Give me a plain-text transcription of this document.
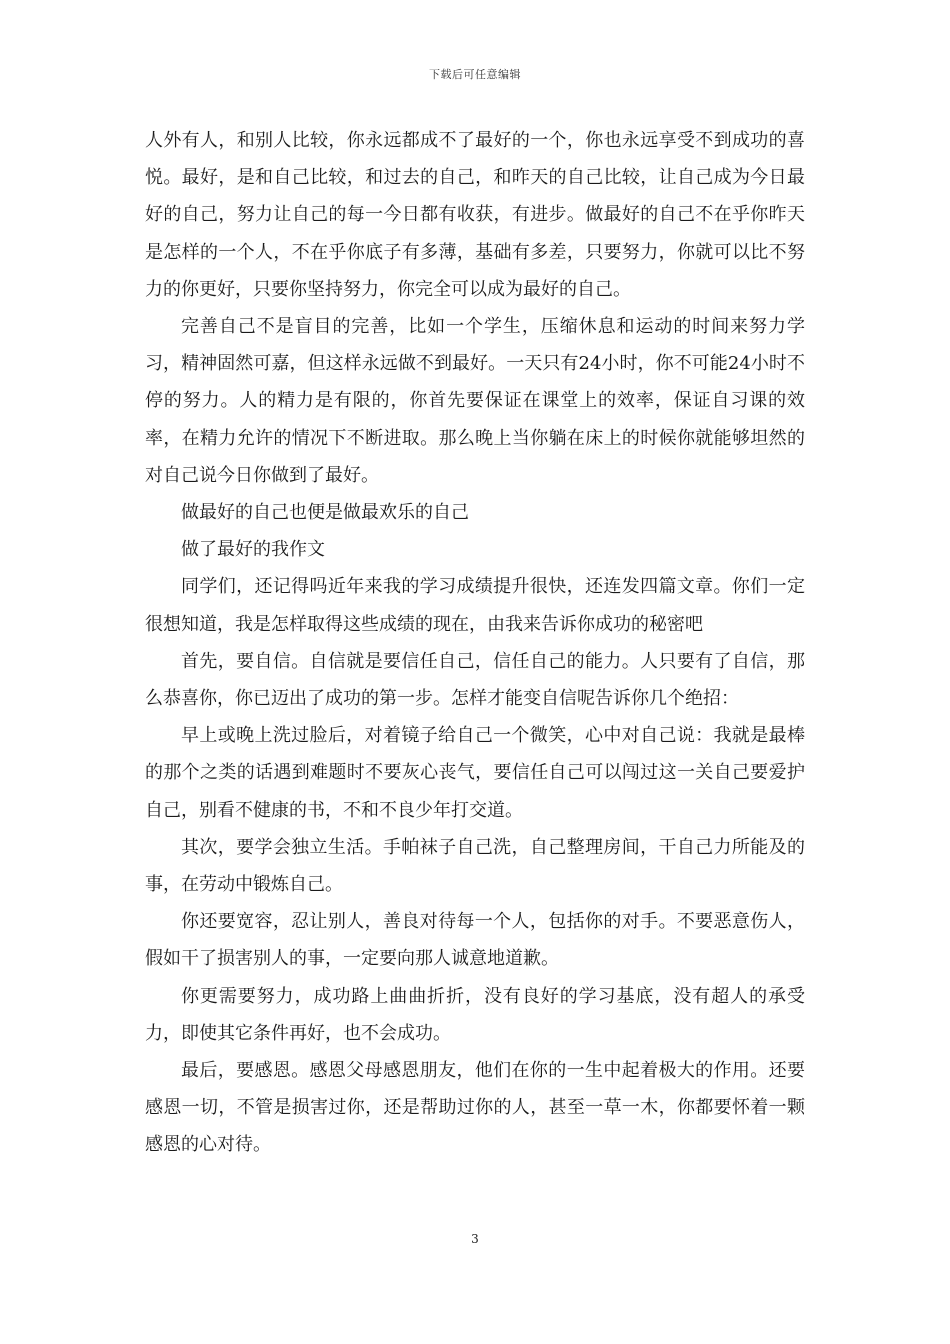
下载后可任意编辑

人外有人，和别人比较，你永远都成不了最好的一个，你也永远享受不到成功的喜悦。最好，是和自己比较，和过去的自己，和昨天的自己比较，让自己成为今日最好的自己，努力让自己的每一今日都有收获，有进步。做最好的自己不在乎你昨天是怎样的一个人，不在乎你底子有多薄，基础有多差，只要努力，你就可以比不努力的你更好，只要你坚持努力，你完全可以成为最好的自己。

完善自己不是盲目的完善，比如一个学生，压缩休息和运动的时间来努力学习，精神固然可嘉，但这样永远做不到最好。一天只有24小时，你不可能24小时不停的努力。人的精力是有限的，你首先要保证在课堂上的效率，保证自习课的效率，在精力允许的情况下不断进取。那么晚上当你躺在床上的时候你就能够坦然的对自己说今日你做到了最好。

做最好的自己也便是做最欢乐的自己

做了最好的我作文

同学们，还记得吗近年来我的学习成绩提升很快，还连发四篇文章。你们一定很想知道，我是怎样取得这些成绩的现在，由我来告诉你成功的秘密吧

首先，要自信。自信就是要信任自己，信任自己的能力。人只要有了自信，那么恭喜你，你已迈出了成功的第一步。怎样才能变自信呢告诉你几个绝招：

早上或晚上洗过脸后，对着镜子给自己一个微笑，心中对自己说：我就是最棒的那个之类的话遇到难题时不要灰心丧气，要信任自己可以闯过这一关自己要爱护自己，别看不健康的书，不和不良少年打交道。

其次，要学会独立生活。手帕袜子自己洗，自己整理房间，干自己力所能及的事，在劳动中锻炼自己。

你还要宽容，忍让别人，善良对待每一个人，包括你的对手。不要恶意伤人，假如干了损害别人的事，一定要向那人诚意地道歉。

你更需要努力，成功路上曲曲折折，没有良好的学习基底，没有超人的承受力，即使其它条件再好，也不会成功。

最后，要感恩。感恩父母感恩朋友，他们在你的一生中起着极大的作用。还要感恩一切，不管是损害过你，还是帮助过你的人，甚至一草一木，你都要怀着一颗感恩的心对待。

3
